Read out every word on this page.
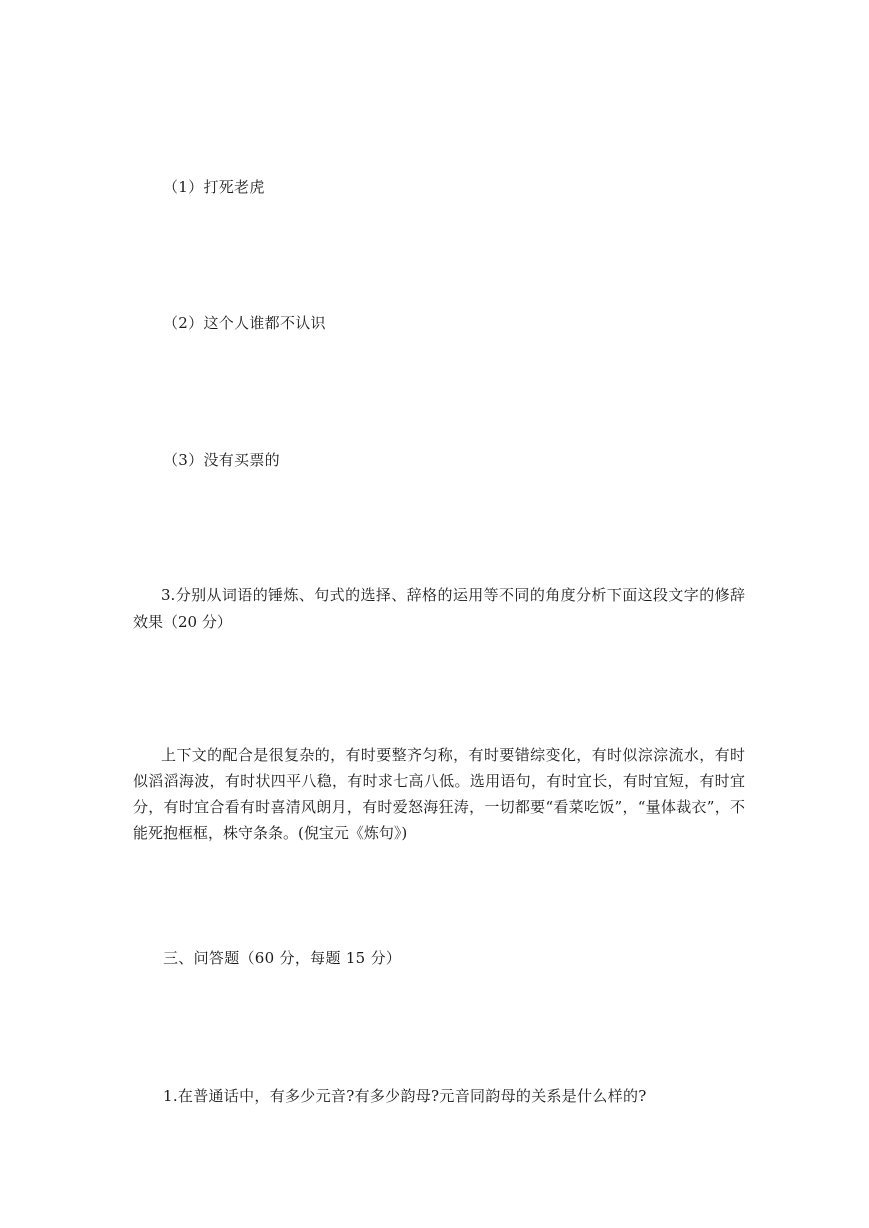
（1）打死老虎
（2）这个人谁都不认识
（3）没有买票的
3.分别从词语的锤炼、句式的选择、辞格的运用等不同的角度分析下面这段文字的修辞效果（20 分）
上下文的配合是很复杂的，有时要整齐匀称，有时要错综变化，有时似淙淙流水，有时似滔滔海波，有时状四平八稳，有时求七高八低。选用语句，有时宜长，有时宜短，有时宜分，有时宜合看有时喜清风朗月，有时爱怒海狂涛，一切都要“看菜吃饭”，“量体裁衣”，不能死抱框框，株守条条。(倪宝元《炼句》)
三、问答题（60 分，每题 15 分）
1.在普通话中，有多少元音?有多少韵母?元音同韵母的关系是什么样的?
